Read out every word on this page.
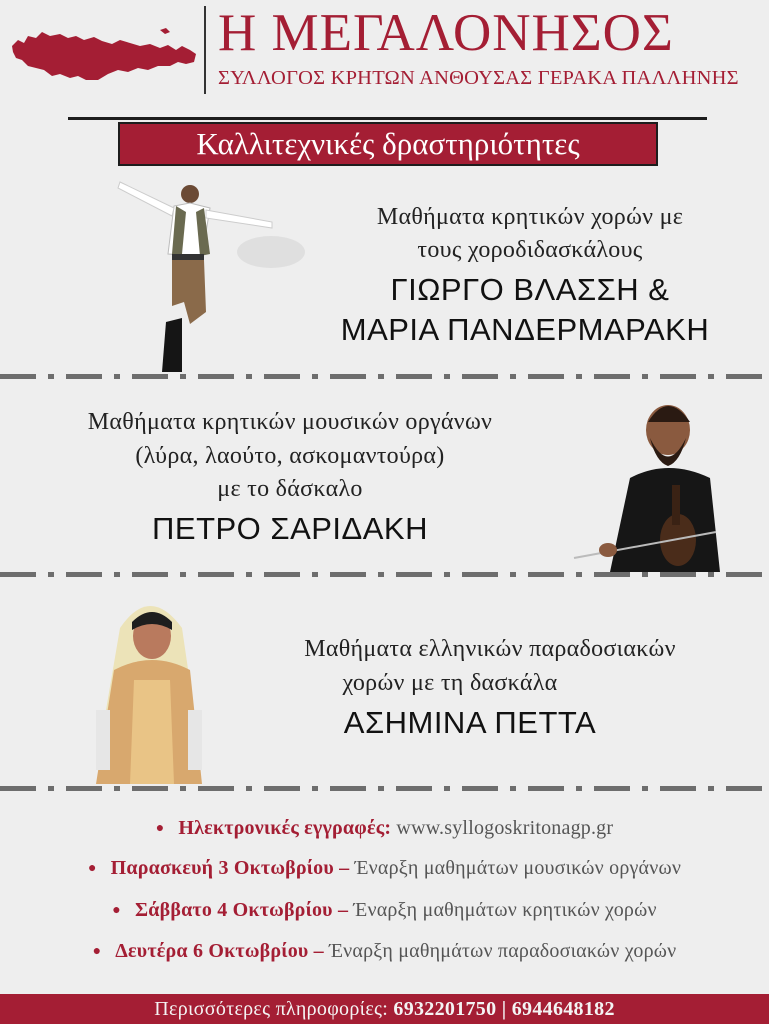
Η ΜΕΓΑΛΟΝΗΣΟΣ
ΣΥΛΛΟΓΟΣ ΚΡΗΤΩΝ ΑΝΘΟΥΣΑΣ ΓΕΡΑΚΑ ΠΑΛΛΗΝΗΣ
Καλλιτεχνικές δραστηριότητες
Μαθήματα κρητικών χορών με
τους χοροδιδασκάλους
ΓΙΩΡΓΟ ΒΛΑΣΣΗ &
ΜΑΡΙΑ ΠΑΝΔΕΡΜΑΡΑΚΗ
Μαθήματα κρητικών μουσικών οργάνων
(λύρα, λαούτο, ασκομαντούρα)
με το δάσκαλο
ΠΕΤΡΟ ΣΑΡΙΔΑΚΗ
Μαθήματα ελληνικών παραδοσιακών
χορών με τη δασκάλα
ΑΣΗΜΙΝΑ ΠΕΤΤΑ
● Ηλεκτρονικές εγγραφές: www.syllogoskritonagp.gr
● Παρασκευή 3 Οκτωβρίου – Έναρξη μαθημάτων μουσικών οργάνων
● Σάββατο 4 Οκτωβρίου – Έναρξη μαθημάτων κρητικών χορών
● Δευτέρα 6 Οκτωβρίου – Έναρξη μαθημάτων παραδοσιακών χορών
Περισσότερες πληροφορίες: 6932201750 | 6944648182
